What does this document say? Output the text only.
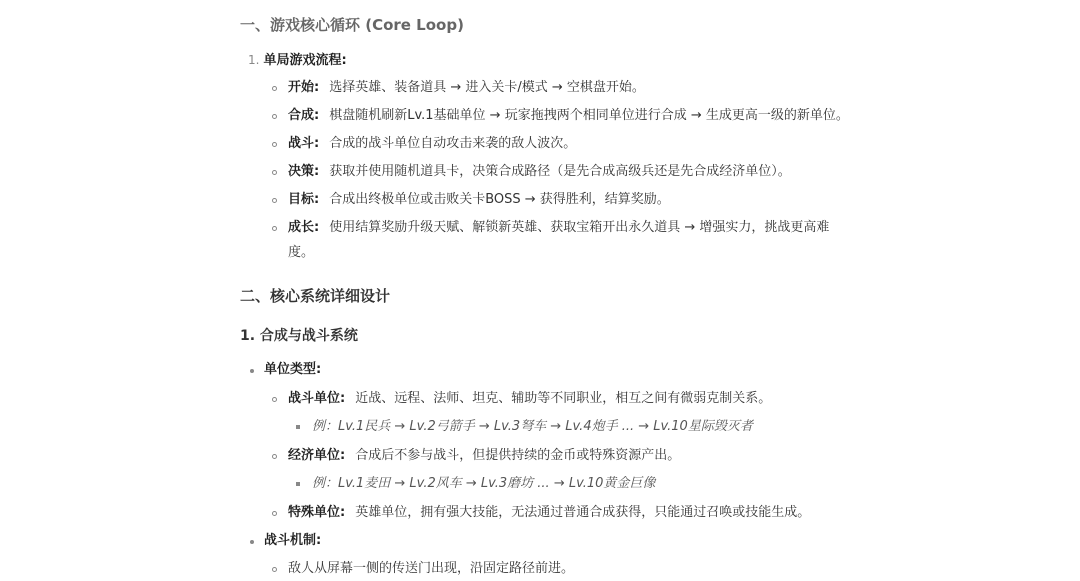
一、游戏核心循环 (Core Loop)
1. 单局游戏流程:
开始: 选择英雄、装备道具 → 进入关卡/模式 → 空棋盘开始。
合成: 棋盘随机刷新Lv.1基础单位 → 玩家拖拽两个相同单位进行合成 → 生成更高一级的新单位。
战斗: 合成的战斗单位自动攻击来袭的敌人波次。
决策: 获取并使用随机道具卡，决策合成路径（是先合成高级兵还是先合成经济单位）。
目标: 合成出终极单位或击败关卡BOSS → 获得胜利，结算奖励。
成长: 使用结算奖励升级天赋、解锁新英雄、获取宝箱开出永久道具 → 增强实力，挑战更高难
度。
二、核心系统详细设计
1. 合成与战斗系统
单位类型:
战斗单位: 近战、远程、法师、坦克、辅助等不同职业，相互之间有微弱克制关系。
例：Lv.1民兵 → Lv.2弓箭手 → Lv.3弩车 → Lv.4炮手 ... → Lv.10星际毁灭者
经济单位: 合成后不参与战斗，但提供持续的金币或特殊资源产出。
例：Lv.1麦田 → Lv.2风车 → Lv.3磨坊 ... → Lv.10黄金巨像
特殊单位: 英雄单位，拥有强大技能，无法通过普通合成获得，只能通过召唤或技能生成。
战斗机制:
敌人从屏幕一侧的传送门出现，沿固定路径前进。
